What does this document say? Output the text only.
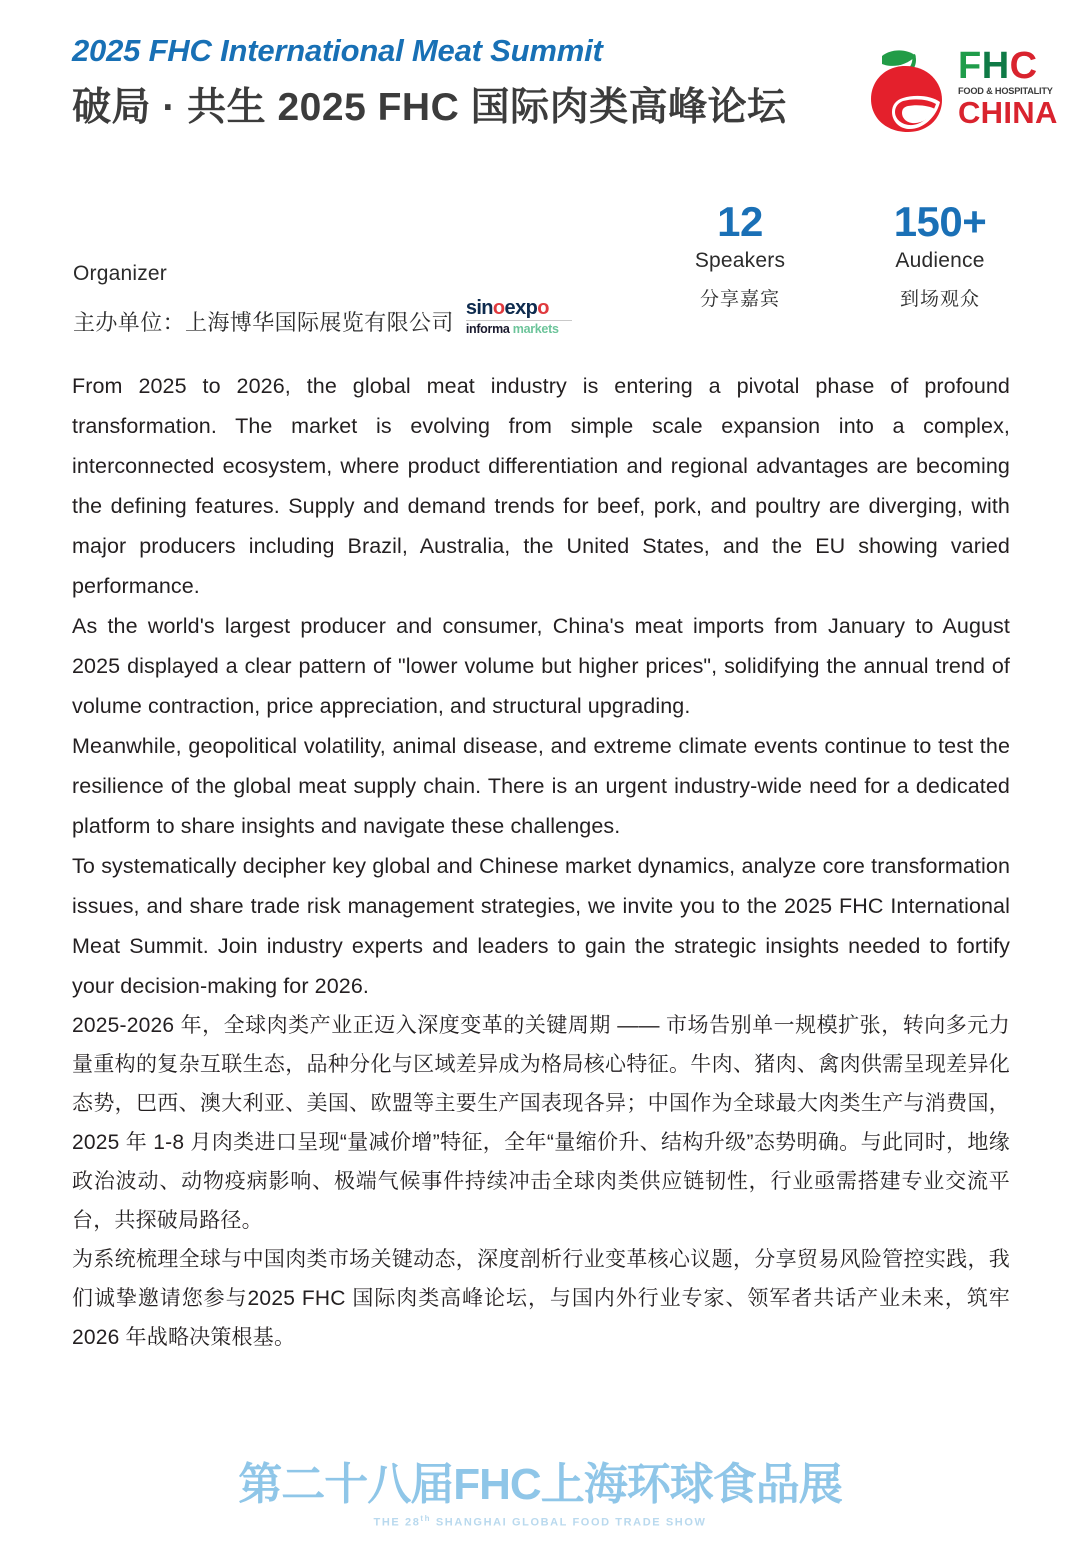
2025 FHC International Meat Summit
破局 · 共生 2025 FHC 国际肉类高峰论坛
FHC
FOOD & HOSPITALITY
CHINA
12
Speakers
分享嘉宾
150+
Audience
到场观众
Organizer
主办单位：上海博华国际展览有限公司
sinoexpo
informa markets

From 2025 to 2026, the global meat industry is entering a pivotal phase of profound transformation. The market is evolving from simple scale expansion into a complex, interconnected ecosystem, where product differentiation and regional advantages are becoming the defining features. Supply and demand trends for beef, pork, and poultry are diverging, with major producers including Brazil, Australia, the United States, and the EU showing varied performance.

As the world's largest producer and consumer, China's meat imports from January to August 2025 displayed a clear pattern of "lower volume but higher prices", solidifying the annual trend of volume contraction, price appreciation, and structural upgrading.

Meanwhile, geopolitical volatility, animal disease, and extreme climate events continue to test the resilience of the global meat supply chain. There is an urgent industry-wide need for a dedicated platform to share insights and navigate these challenges.

To systematically decipher key global and Chinese market dynamics, analyze core transformation issues, and share trade risk management strategies, we invite you to the 2025 FHC International Meat Summit. Join industry experts and leaders to gain the strategic insights needed to fortify your decision-making for 2026.

2025-2026 年，全球肉类产业正迈入深度变革的关键周期 —— 市场告别单一规模扩张，转向多元力量重构的复杂互联生态，品种分化与区域差异成为格局核心特征。牛肉、猪肉、禽肉供需呈现差异化态势，巴西、澳大利亚、美国、欧盟等主要生产国表现各异；中国作为全球最大肉类生产与消费国，2025 年 1-8 月肉类进口呈现“量减价增”特征，全年“量缩价升、结构升级”态势明确。与此同时，地缘政治波动、动物疫病影响、极端气候事件持续冲击全球肉类供应链韧性，行业亟需搭建专业交流平台，共探破局路径。

为系统梳理全球与中国肉类市场关键动态，深度剖析行业变革核心议题，分享贸易风险管控实践，我们诚挚邀请您参与2025 FHC 国际肉类高峰论坛，与国内外行业专家、领军者共话产业未来，筑牢 2026 年战略决策根基。

第二十八届FHC上海环球食品展
THE 28th SHANGHAI GLOBAL FOOD TRADE SHOW
